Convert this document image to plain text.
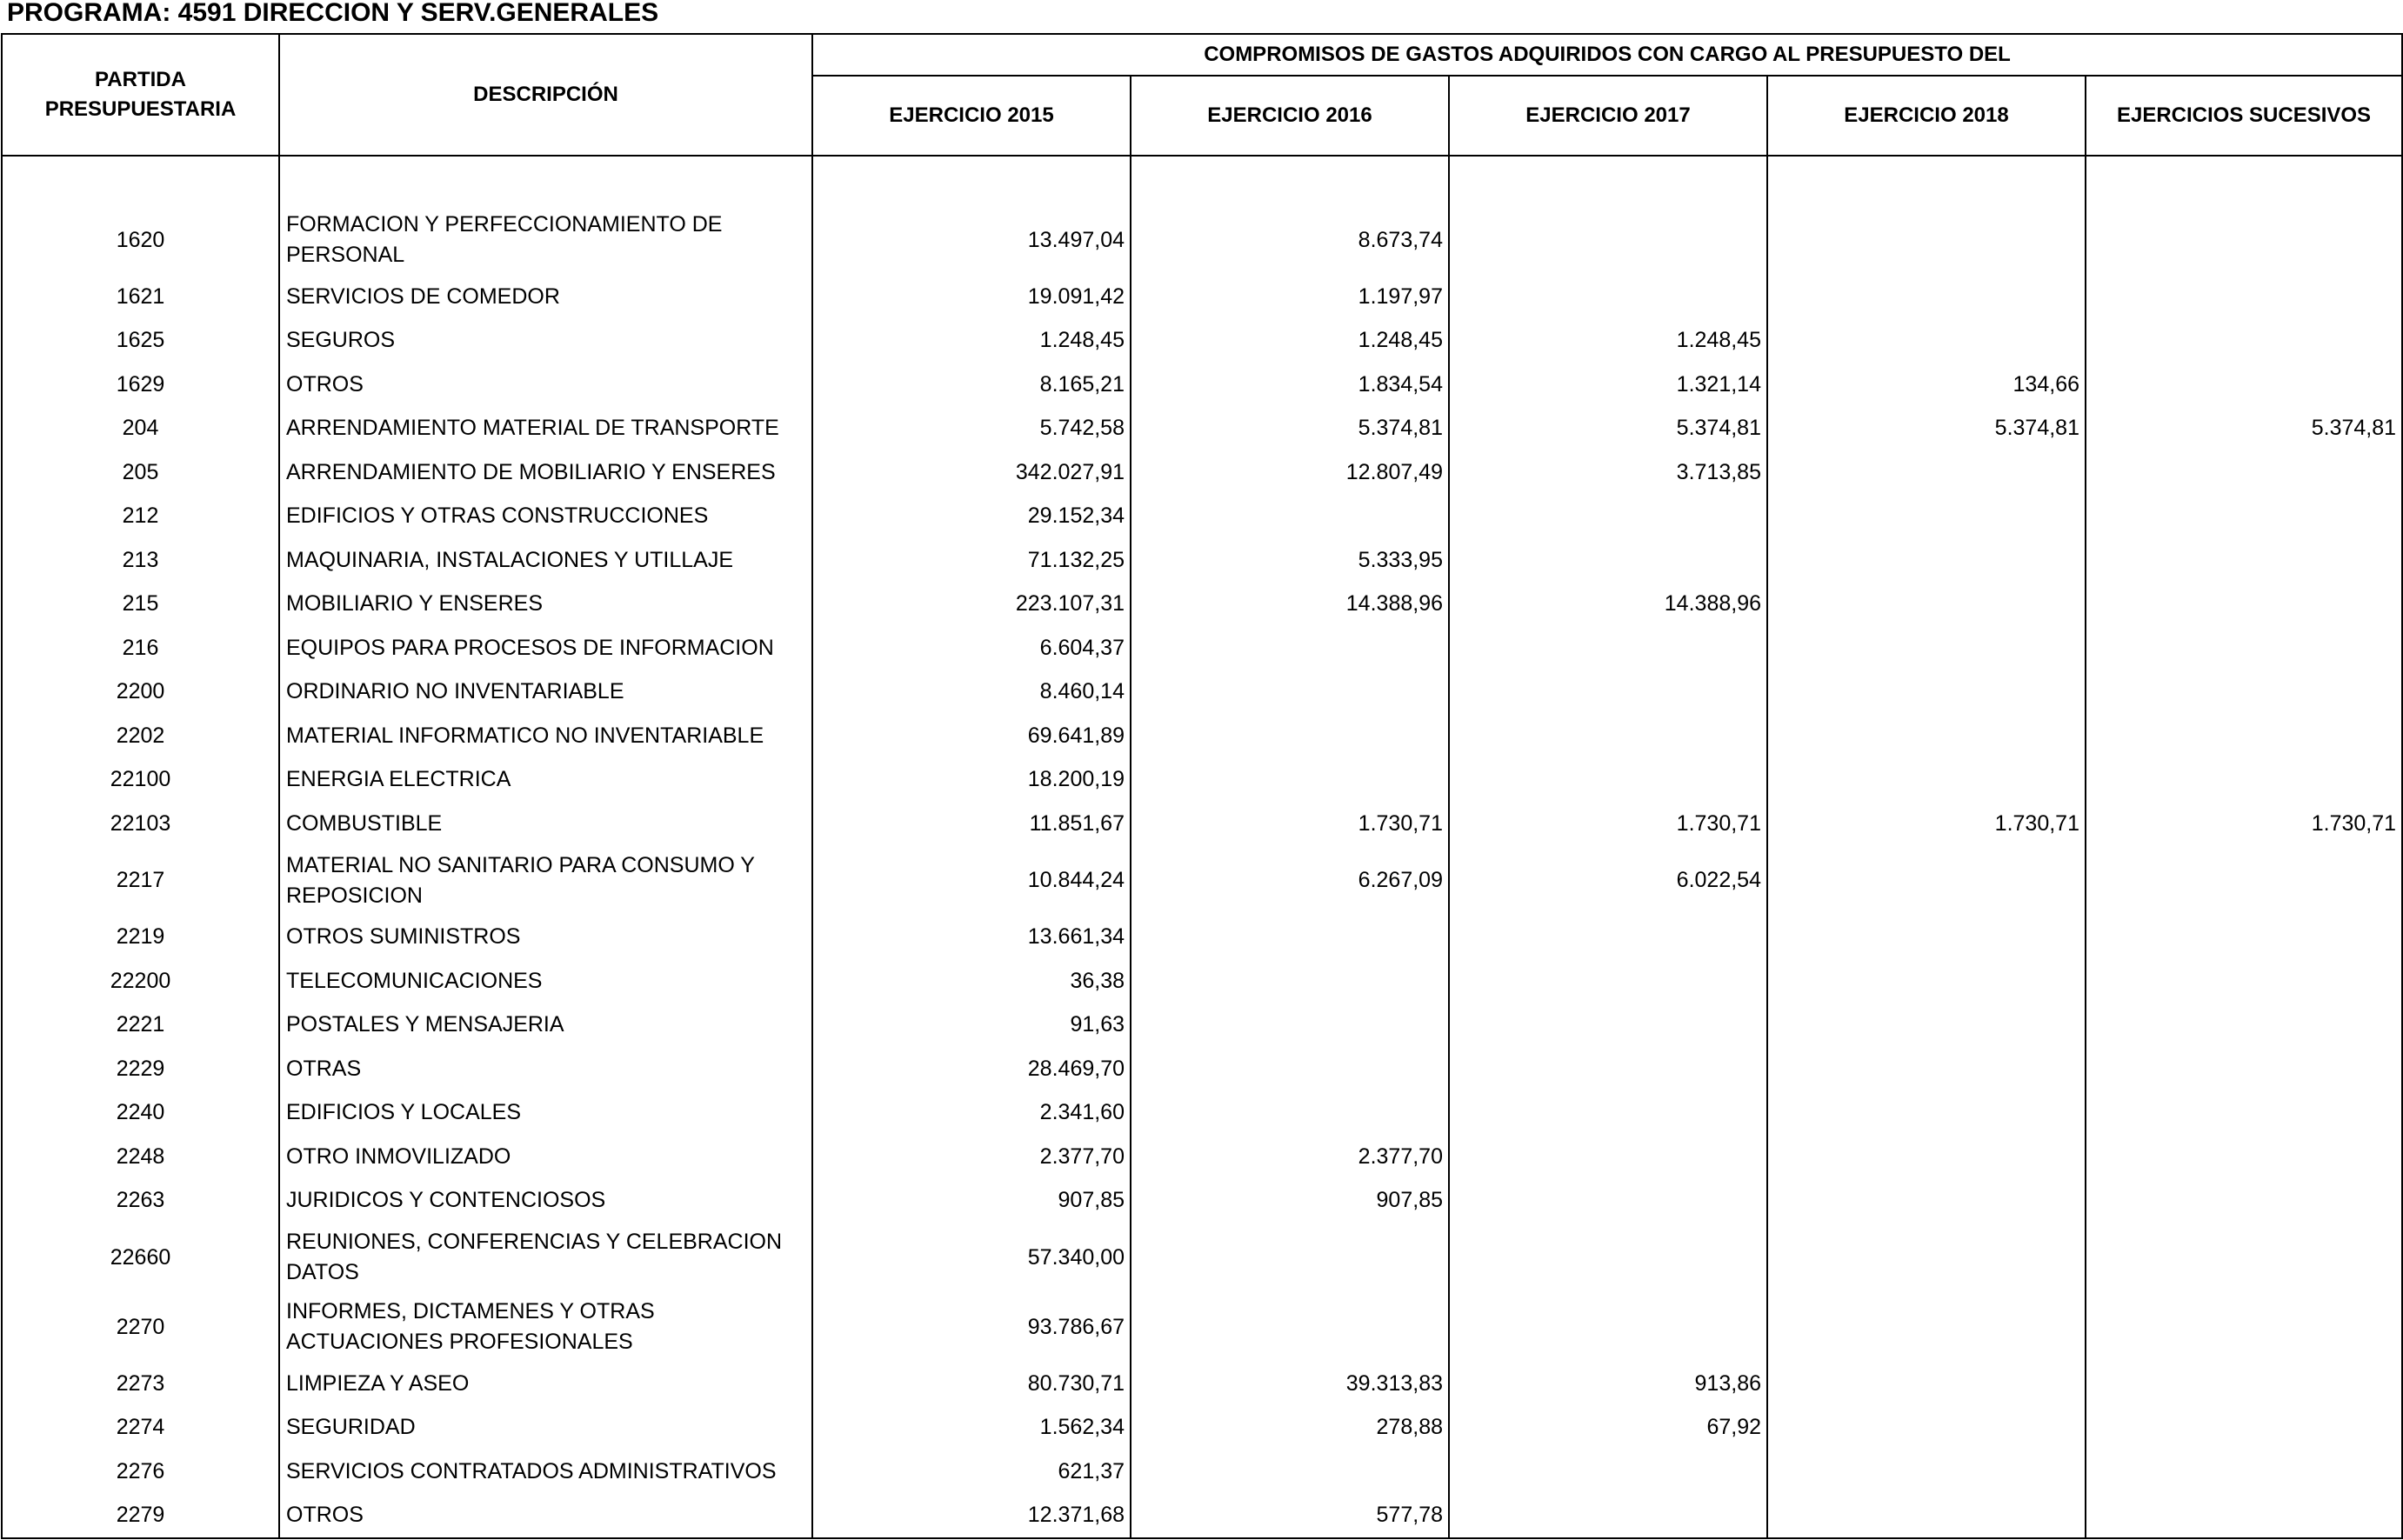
PROGRAMA: 4591 DIRECCION Y SERV.GENERALES
PARTIDA PRESUPUESTARIA	DESCRIPCIÓN	COMPROMISOS DE GASTOS ADQUIRIDOS CON CARGO AL PRESUPUESTO DEL				
		EJERCICIO 2015	EJERCICIO 2016	EJERCICIO 2017	EJERCICIO 2018	EJERCICIOS SUCESIVOS

1620	FORMACION Y PERFECCIONAMIENTO DE PERSONAL	13.497,04	8.673,74			
1621	SERVICIOS DE COMEDOR	19.091,42	1.197,97			
1625	SEGUROS	1.248,45	1.248,45	1.248,45		
1629	OTROS	8.165,21	1.834,54	1.321,14	134,66	
204	ARRENDAMIENTO MATERIAL DE TRANSPORTE	5.742,58	5.374,81	5.374,81	5.374,81	5.374,81
205	ARRENDAMIENTO DE MOBILIARIO Y ENSERES	342.027,91	12.807,49	3.713,85		
212	EDIFICIOS Y OTRAS CONSTRUCCIONES	29.152,34				
213	MAQUINARIA, INSTALACIONES Y UTILLAJE	71.132,25	5.333,95			
215	MOBILIARIO Y ENSERES	223.107,31	14.388,96	14.388,96		
216	EQUIPOS PARA PROCESOS DE INFORMACION	6.604,37				
2200	ORDINARIO NO INVENTARIABLE	8.460,14				
2202	MATERIAL INFORMATICO NO INVENTARIABLE	69.641,89				
22100	ENERGIA ELECTRICA	18.200,19				
22103	COMBUSTIBLE	11.851,67	1.730,71	1.730,71	1.730,71	1.730,71
2217	MATERIAL NO SANITARIO PARA CONSUMO Y REPOSICION	10.844,24	6.267,09	6.022,54		
2219	OTROS SUMINISTROS	13.661,34				
22200	TELECOMUNICACIONES	36,38				
2221	POSTALES Y MENSAJERIA	91,63				
2229	OTRAS	28.469,70				
2240	EDIFICIOS Y LOCALES	2.341,60				
2248	OTRO INMOVILIZADO	2.377,70	2.377,70			
2263	JURIDICOS Y CONTENCIOSOS	907,85	907,85			
22660	REUNIONES, CONFERENCIAS Y CELEBRACION DATOS	57.340,00				
2270	INFORMES, DICTAMENES Y OTRAS ACTUACIONES PROFESIONALES	93.786,67				
2273	LIMPIEZA Y ASEO	80.730,71	39.313,83	913,86		
2274	SEGURIDAD	1.562,34	278,88	67,92		
2276	SERVICIOS CONTRATADOS ADMINISTRATIVOS	621,37				
2279	OTROS	12.371,68	577,78			
